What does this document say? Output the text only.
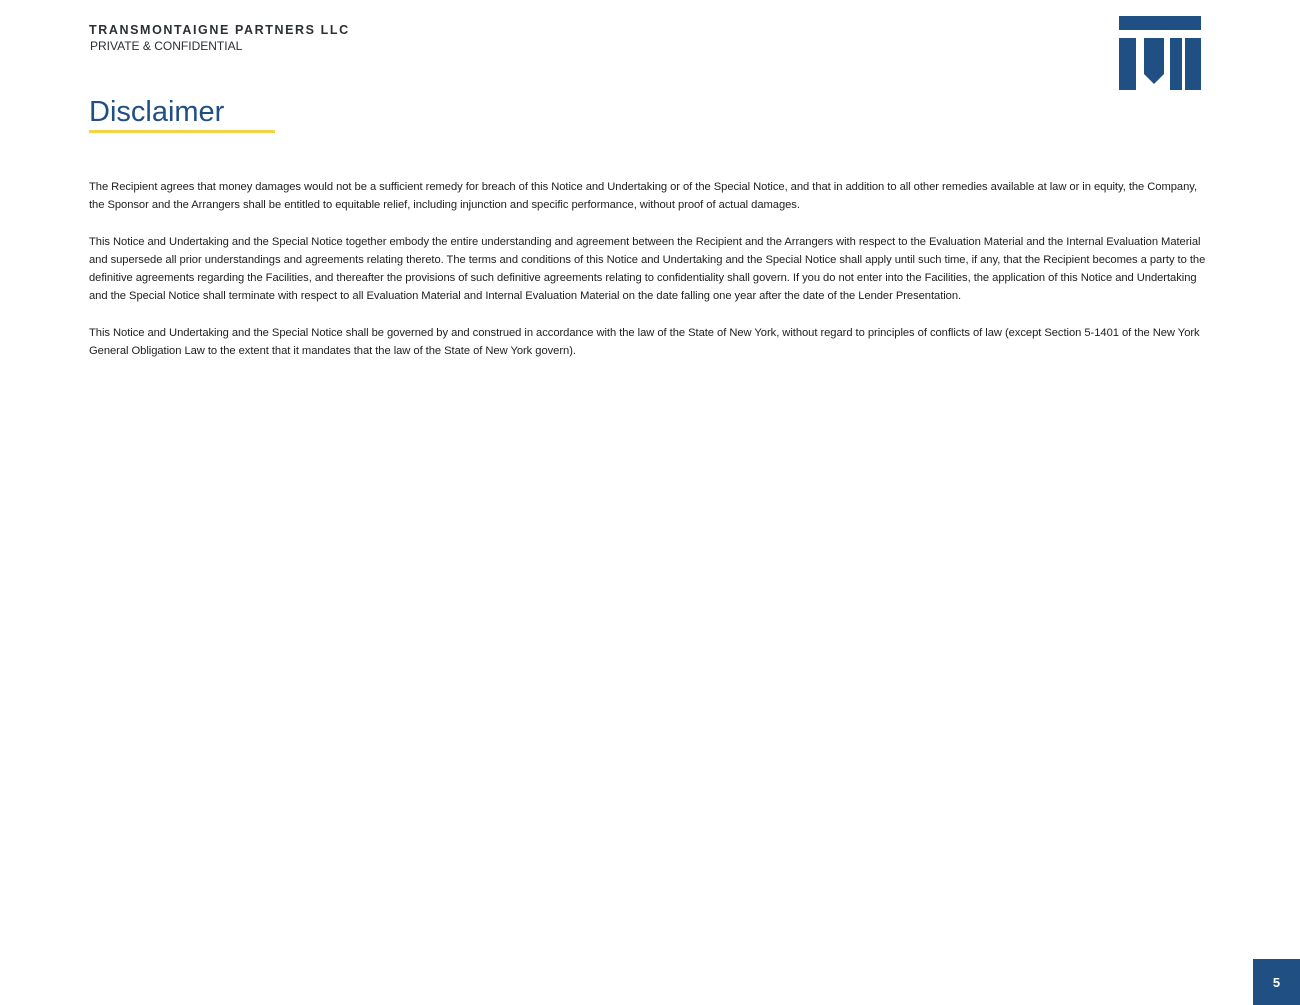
TRANSMONTAIGNE PARTNERS LLC
PRIVATE & CONFIDENTIAL
Disclaimer

The Recipient agrees that money damages would not be a sufficient remedy for breach of this Notice and Undertaking or of the Special Notice, and that in addition to all other remedies available at law or in equity, the Company, the Sponsor and the Arrangers shall be entitled to equitable relief, including injunction and specific performance, without proof of actual damages.

This Notice and Undertaking and the Special Notice together embody the entire understanding and agreement between the Recipient and the Arrangers with respect to the Evaluation Material and the Internal Evaluation Material and supersede all prior understandings and agreements relating thereto. The terms and conditions of this Notice and Undertaking and the Special Notice shall apply until such time, if any, that the Recipient becomes a party to the definitive agreements regarding the Facilities, and thereafter the provisions of such definitive agreements relating to confidentiality shall govern. If you do not enter into the Facilities, the application of this Notice and Undertaking and the Special Notice shall terminate with respect to all Evaluation Material and Internal Evaluation Material on the date falling one year after the date of the Lender Presentation.

This Notice and Undertaking and the Special Notice shall be governed by and construed in accordance with the law of the State of New York, without regard to principles of conflicts of law (except Section 5-1401 of the New York General Obligation Law to the extent that it mandates that the law of the State of New York govern).

5
